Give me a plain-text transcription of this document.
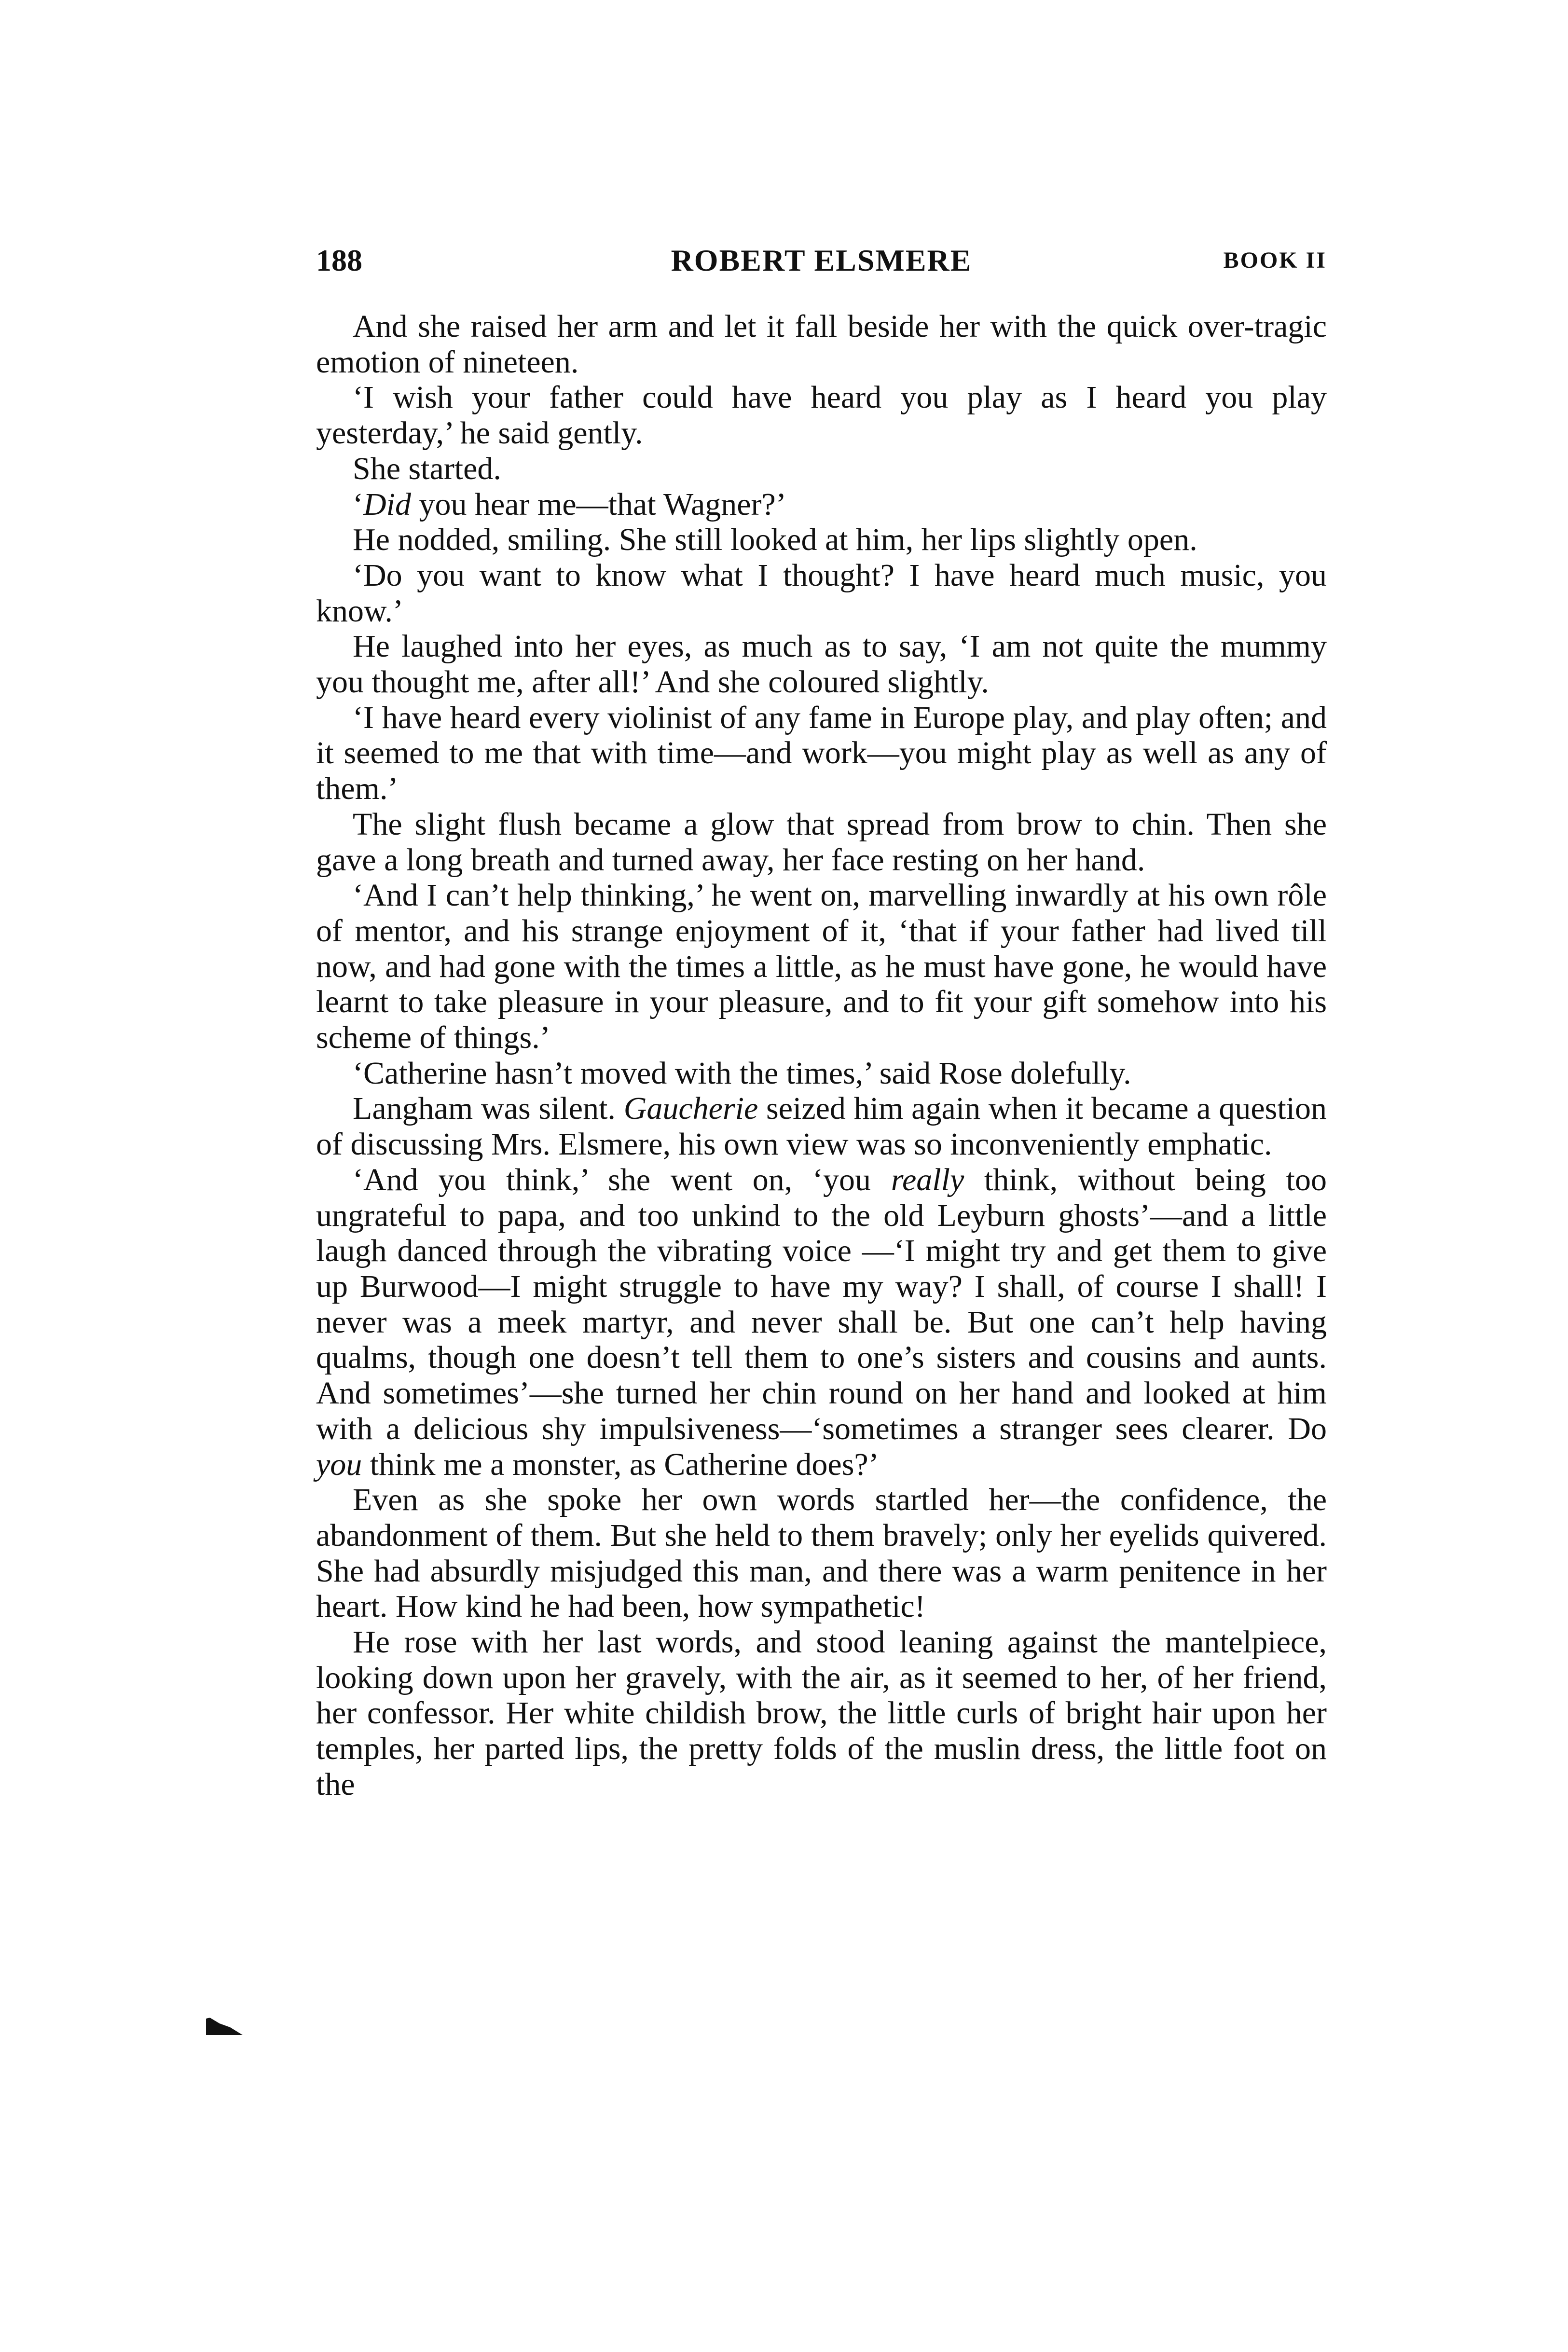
188	ROBERT ELSMERE	BOOK II

And she raised her arm and let it fall beside her with the quick over-tragic emotion of nineteen.

‘I wish your father could have heard you play as I heard you play yesterday,’ he said gently.

She started.

‘Did you hear me—that Wagner?’

He nodded, smiling. She still looked at him, her lips slightly open.

‘Do you want to know what I thought? I have heard much music, you know.’

He laughed into her eyes, as much as to say, ‘I am not quite the mummy you thought me, after all!’ And she coloured slightly.

‘I have heard every violinist of any fame in Europe play, and play often; and it seemed to me that with time—and work—you might play as well as any of them.’

The slight flush became a glow that spread from brow to chin. Then she gave a long breath and turned away, her face resting on her hand.

‘And I can’t help thinking,’ he went on, marvelling inwardly at his own rôle of mentor, and his strange enjoyment of it, ‘that if your father had lived till now, and had gone with the times a little, as he must have gone, he would have learnt to take pleasure in your pleasure, and to fit your gift somehow into his scheme of things.’

‘Catherine hasn’t moved with the times,’ said Rose dolefully.

Langham was silent. Gaucherie seized him again when it became a question of discussing Mrs. Elsmere, his own view was so inconveniently emphatic.

‘And you think,’ she went on, ‘you really think, without being too ungrateful to papa, and too unkind to the old Leyburn ghosts’—and a little laugh danced through the vibrating voice —‘I might try and get them to give up Burwood—I might struggle to have my way? I shall, of course I shall! I never was a meek martyr, and never shall be. But one can’t help having qualms, though one doesn’t tell them to one’s sisters and cousins and aunts. And sometimes’—she turned her chin round on her hand and looked at him with a delicious shy impulsiveness—‘sometimes a stranger sees clearer. Do you think me a monster, as Catherine does?’

Even as she spoke her own words startled her—the confidence, the abandonment of them. But she held to them bravely; only her eyelids quivered. She had absurdly misjudged this man, and there was a warm penitence in her heart. How kind he had been, how sympathetic!

He rose with her last words, and stood leaning against the mantelpiece, looking down upon her gravely, with the air, as it seemed to her, of her friend, her confessor. Her white childish brow, the little curls of bright hair upon her temples, her parted lips, the pretty folds of the muslin dress, the little foot on the
